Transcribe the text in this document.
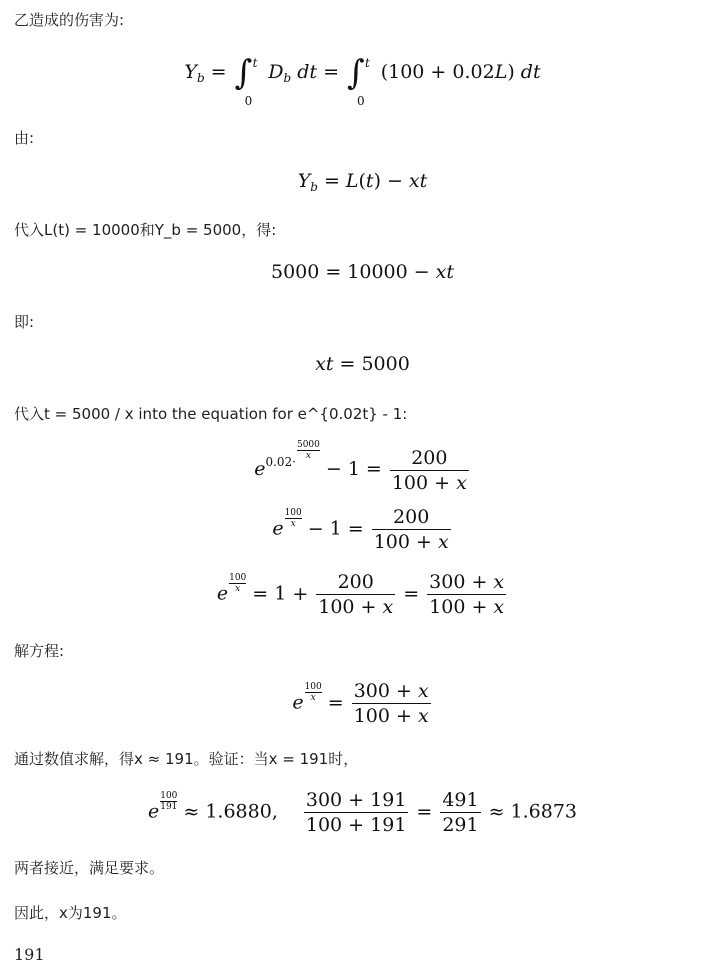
乙造成的伤害为:
$Y_b$ = ∫ t
0
$D_b$ dt = ∫ t
0
(100 + 0.02L) dt
由:
$Y_b = L(t)$ − xt
代入L(t) = 10000和Y_b = 5000，得:
5000 = 10000 − xt
即:
xt = 5000
代入t = 5000 / x into the equation for e^{0.02t} - 1:
$e^{0.02\cdot \frac{5000}{x}}$
− $1 = \frac{200}{100 + x}$
e $\frac{100}{x} - 1 = \frac{200}{100 + x}$
e $\frac{100}{x} = 1 + \frac{200}{100 + x} = \frac{300 + x}{100 + x}$
解方程:
e $\frac{100}{x} = \frac{300 + x}{100 + x}$
通过数值求解，得x ≈ 191。验证：当x = 191时，
e $\frac{100}{191} \approx 1.6880$, $\frac{300 + 191}{100 + 191} = \frac{491}{291} \approx 1.6873$
两者接近，满足要求。
因此，x为191。
191
